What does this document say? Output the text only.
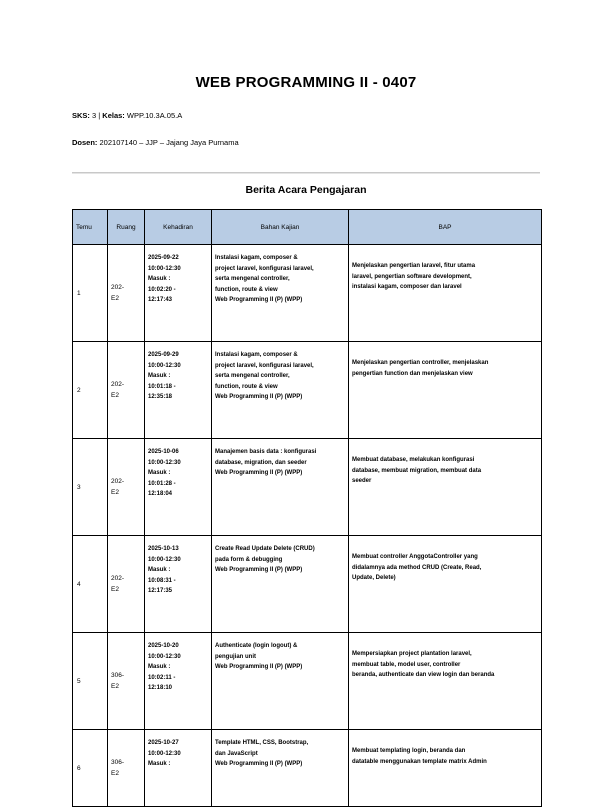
WEB PROGRAMMING II - 0407
SKS: 3 | Kelas: WPP.10.3A.05.A
Dosen: 202107140 – JJP – Jajang Jaya Purnama
Berita Acara Pengajaran
Temu	Ruang	Kehadiran	Bahan Kajian	BAP
1	202-
E2	2025-09-22
10:00-12:30
Masuk :
10:02:20 -
12:17:43	Instalasi kagam, composer &
project laravel, konfigurasi laravel,
serta mengenal controller,
function, route & view
Web Programming II (P) (WPP)	Menjelaskan pengertian laravel, fitur utama
laravel, pengertian software development,
instalasi kagam, composer dan laravel

2	202-
E2	2025-09-29
10:00-12:30
Masuk :
10:01:18 -
12:35:18	Instalasi kagam, composer &
project laravel, konfigurasi laravel,
serta mengenal controller,
function, route & view
Web Programming II (P) (WPP)	Menjelaskan pengertian controller, menjelaskan
pengertian function dan menjelaskan view

3	202-
E2	2025-10-06
10:00-12:30
Masuk :
10:01:28 -
12:18:04	Manajemen basis data : konfigurasi
database, migration, dan seeder
Web Programming II (P) (WPP)	Membuat database, melakukan konfigurasi
database, membuat migration, membuat data
seeder

4	202-
E2	2025-10-13
10:00-12:30
Masuk :
10:08:31 -
12:17:35	Create Read Update Delete (CRUD)
pada form & debugging
Web Programming II (P) (WPP)	Membuat controller AnggotaController yang
didalamnya ada method CRUD (Create, Read,
Update, Delete)

5	306-
E2	2025-10-20
10:00-12:30
Masuk :
10:02:11 -
12:18:10	Authenticate (login logout) &
pengujian unit
Web Programming II (P) (WPP)	Mempersiapkan project plantation laravel,
membuat table, model user, controller
beranda, authenticate dan view login dan beranda

6	306-
E2	2025-10-27
10:00-12:30
Masuk :	Template HTML, CSS, Bootstrap,
dan JavaScript
Web Programming II (P) (WPP)	Membuat templating login, beranda dan
datatable menggunakan template matrix Admin
